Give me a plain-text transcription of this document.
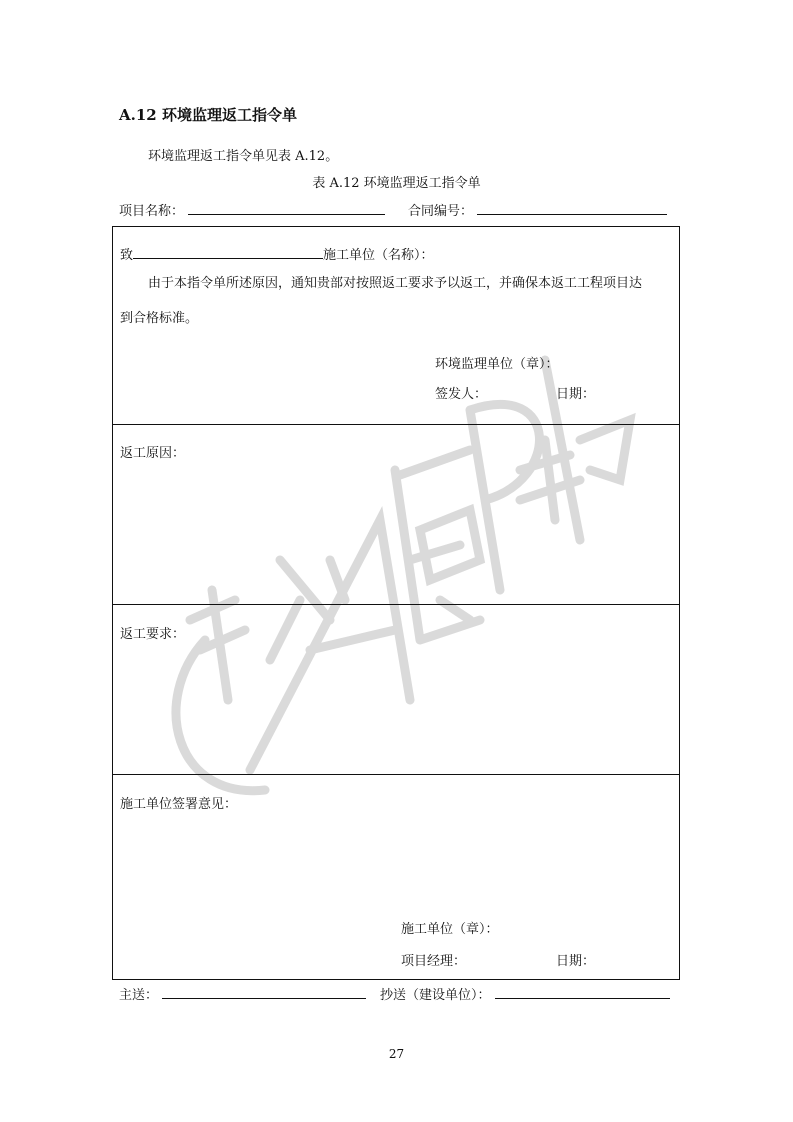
A.12 环境监理返工指令单
环境监理返工指令单见表 A.12。
表 A.12 环境监理返工指令单
项目名称：	合同编号：
致	施工单位（名称）：
由于本指令单所述原因，通知贵部对按照返工要求予以返工，并确保本返工工程项目达
到合格标准。
环境监理单位（章）：
签发人：	日期：
返工原因：
返工要求：
施工单位签署意见：
施工单位（章）：
项目经理：	日期：
主送：	抄送（建设单位）：
27
